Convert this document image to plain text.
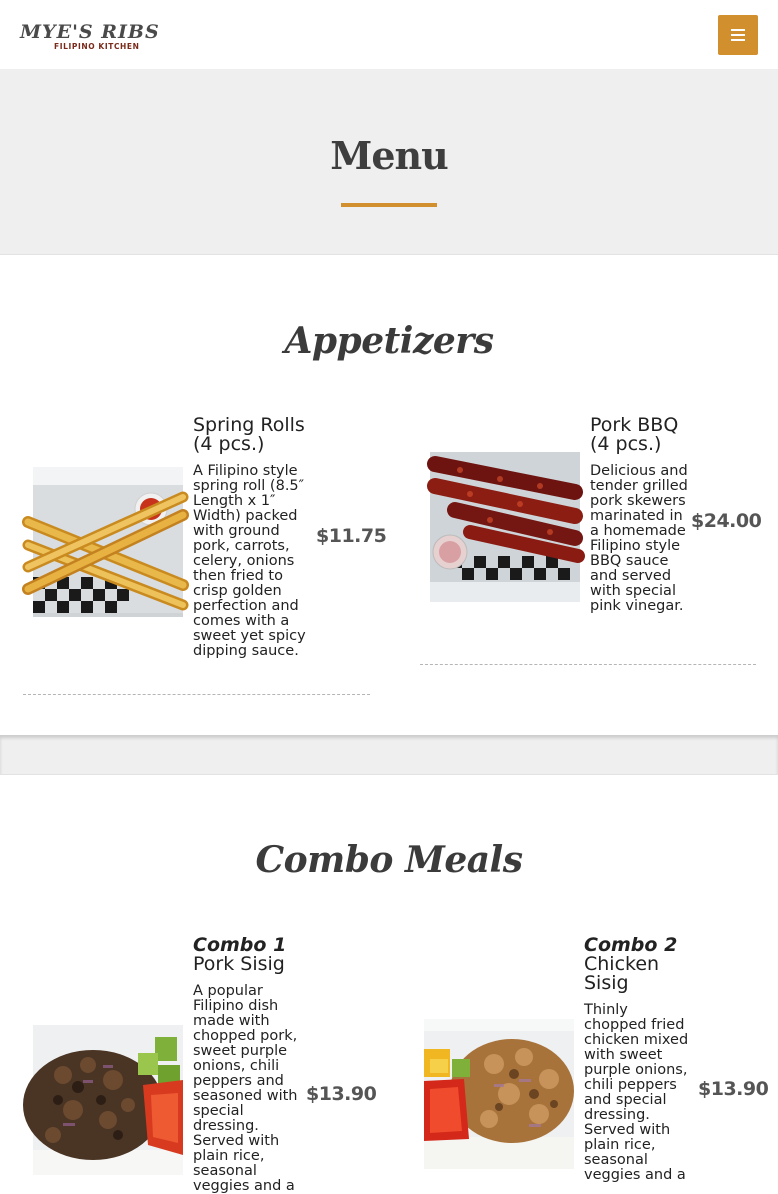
MYE'S RIBS
FILIPINO KITCHEN
Menu
Appetizers
Spring Rolls
(4 pcs.)
A Filipino style spring roll (8.5″ Length x 1″ Width) packed with ground pork, carrots, celery, onions then fried to crisp golden perfection and comes with a sweet yet spicy dipping sauce.
$11.75
Pork BBQ
(4 pcs.)
Delicious and tender grilled pork skewers marinated in a homemade Filipino style BBQ sauce and served with special pink vinegar.
$24.00
Combo Meals
Combo 1
Pork Sisig
A popular Filipino dish made with chopped pork, sweet purple onions, chili peppers and seasoned with special dressing. Served with plain rice, seasonal veggies and a
$13.90
Combo 2
Chicken Sisig
Thinly chopped fried chicken mixed with sweet purple onions, chili peppers and special dressing. Served with plain rice, seasonal veggies and a
$13.90
